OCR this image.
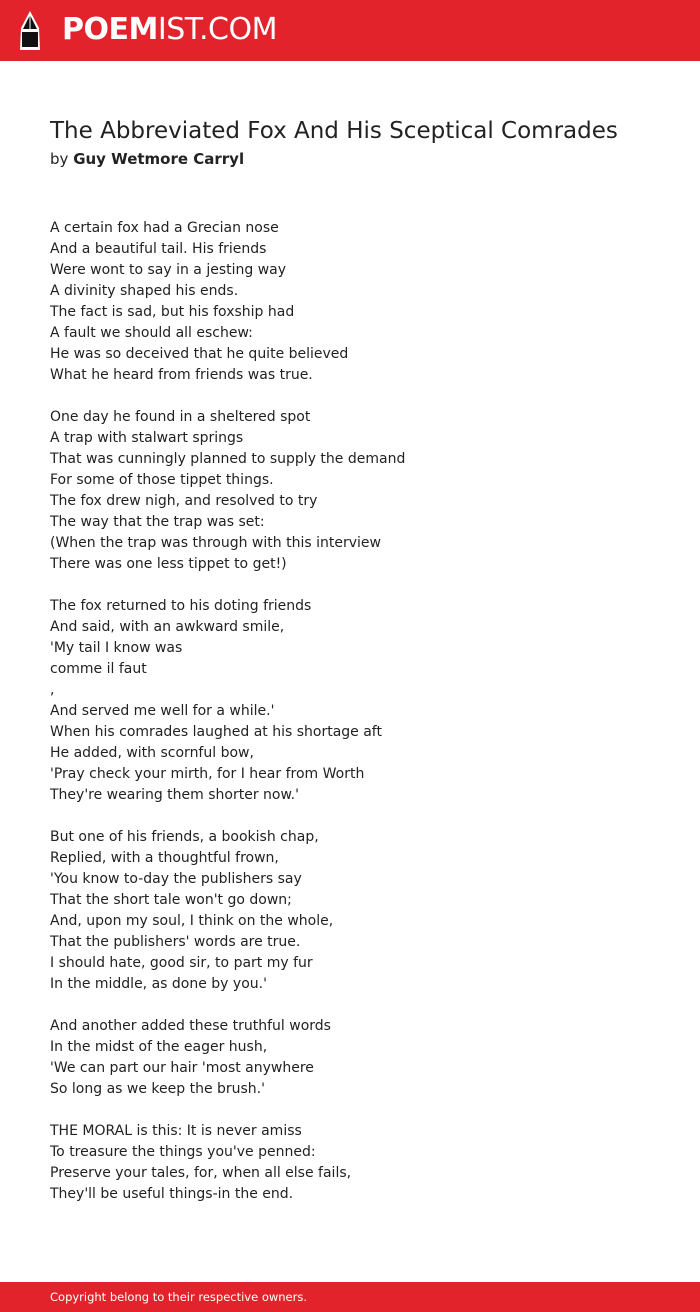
POEMIST.COM
The Abbreviated Fox And His Sceptical Comrades
by Guy Wetmore Carryl
A certain fox had a Grecian nose
And a beautiful tail. His friends
Were wont to say in a jesting way
A divinity shaped his ends.
The fact is sad, but his foxship had
A fault we should all eschew:
He was so deceived that he quite believed
What he heard from friends was true.
One day he found in a sheltered spot
A trap with stalwart springs
That was cunningly planned to supply the demand
For some of those tippet things.
The fox drew nigh, and resolved to try
The way that the trap was set:
(When the trap was through with this interview
There was one less tippet to get!)
The fox returned to his doting friends
And said, with an awkward smile,
'My tail I know was
comme il faut
,
And served me well for a while.'
When his comrades laughed at his shortage aft
He added, with scornful bow,
'Pray check your mirth, for I hear from Worth
They're wearing them shorter now.'
But one of his friends, a bookish chap,
Replied, with a thoughtful frown,
'You know to-day the publishers say
That the short tale won't go down;
And, upon my soul, I think on the whole,
That the publishers' words are true.
I should hate, good sir, to part my fur
In the middle, as done by you.'
And another added these truthful words
In the midst of the eager hush,
'We can part our hair 'most anywhere
So long as we keep the brush.'
THE MORAL is this: It is never amiss
To treasure the things you've penned:
Preserve your tales, for, when all else fails,
They'll be useful things-in the end.
Copyright belong to their respective owners.
